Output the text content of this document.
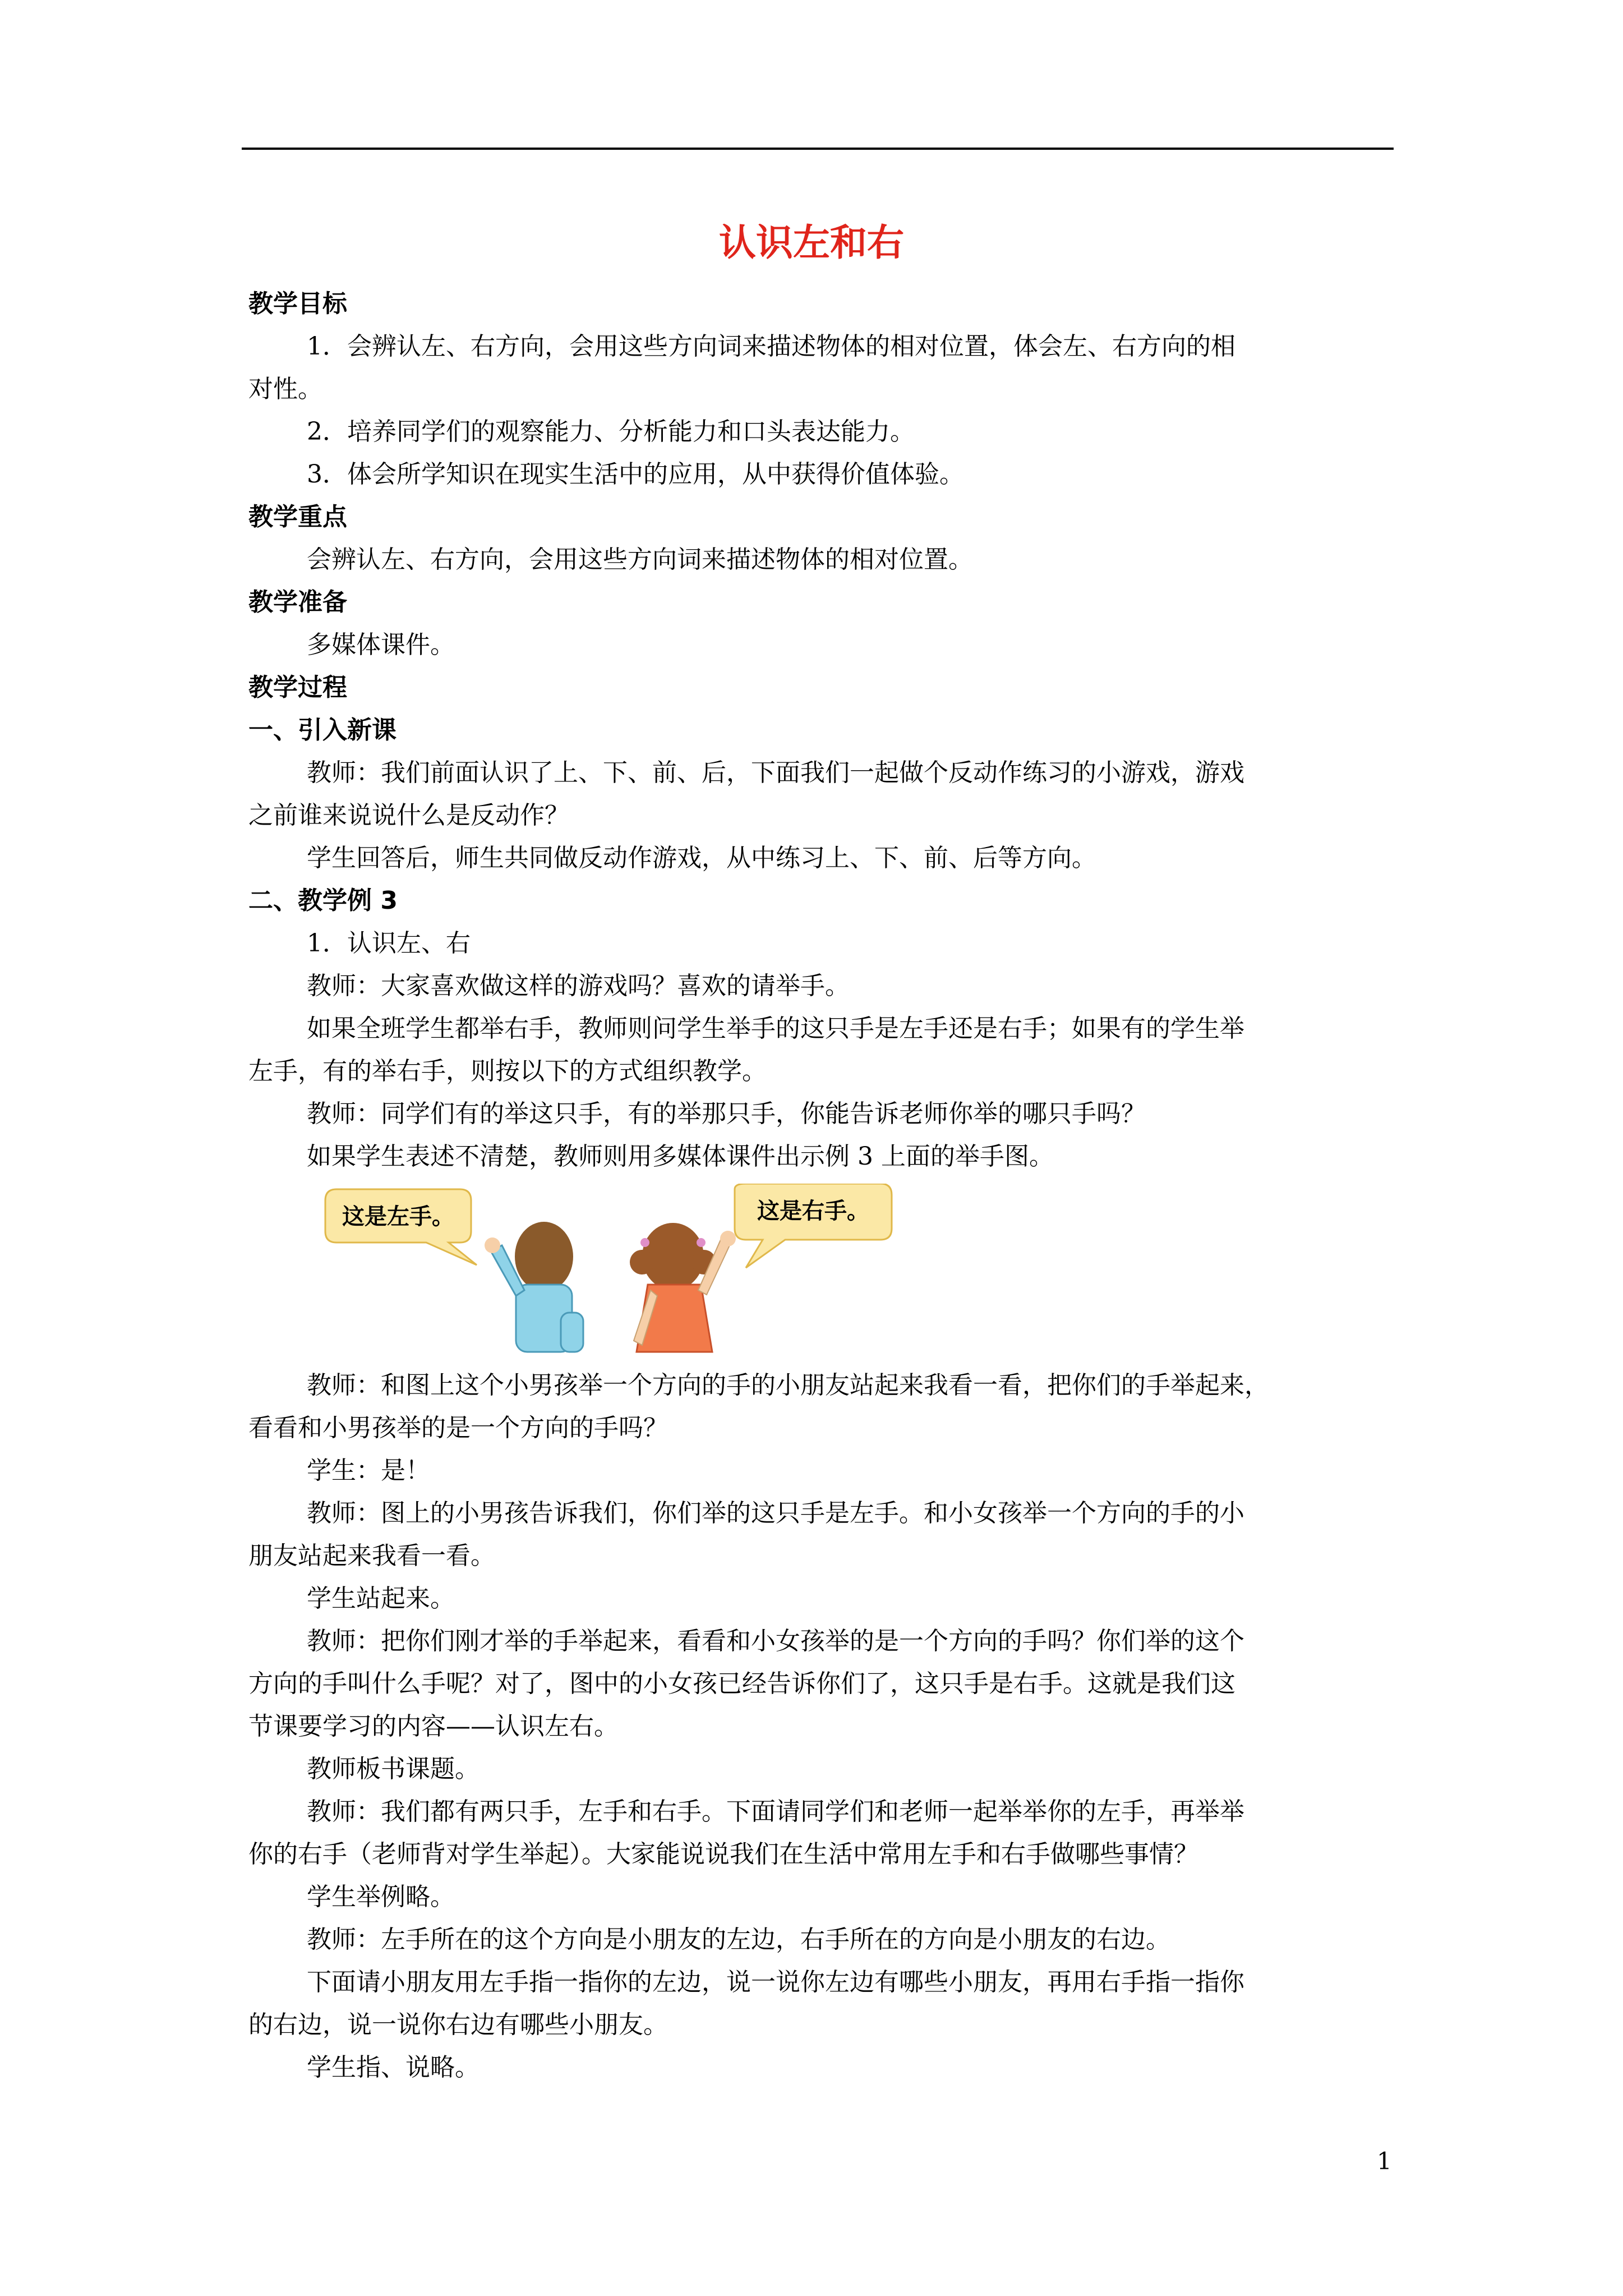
认识左和右
教学目标
1．会辨认左、右方向，会用这些方向词来描述物体的相对位置，体会左、右方向的相
对性。
2．培养同学们的观察能力、分析能力和口头表达能力。
3．体会所学知识在现实生活中的应用，从中获得价值体验。
教学重点
会辨认左、右方向，会用这些方向词来描述物体的相对位置。
教学准备
多媒体课件。
教学过程
一、引入新课
教师：我们前面认识了上、下、前、后，下面我们一起做个反动作练习的小游戏，游戏
之前谁来说说什么是反动作？
学生回答后，师生共同做反动作游戏，从中练习上、下、前、后等方向。
二、教学例 3
1．认识左、右
教师：大家喜欢做这样的游戏吗？喜欢的请举手。
如果全班学生都举右手，教师则问学生举手的这只手是左手还是右手；如果有的学生举
左手，有的举右手，则按以下的方式组织教学。
教师：同学们有的举这只手，有的举那只手，你能告诉老师你举的哪只手吗？
如果学生表述不清楚，教师则用多媒体课件出示例 3 上面的举手图。
这是左手。	这是右手。
教师：和图上这个小男孩举一个方向的手的小朋友站起来我看一看，把你们的手举起来，
看看和小男孩举的是一个方向的手吗？
学生：是！
教师：图上的小男孩告诉我们，你们举的这只手是左手。和小女孩举一个方向的手的小
朋友站起来我看一看。
学生站起来。
教师：把你们刚才举的手举起来，看看和小女孩举的是一个方向的手吗？你们举的这个
方向的手叫什么手呢？对了，图中的小女孩已经告诉你们了，这只手是右手。这就是我们这
节课要学习的内容——认识左右。
教师板书课题。
教师：我们都有两只手，左手和右手。下面请同学们和老师一起举举你的左手，再举举
你的右手（老师背对学生举起）。大家能说说我们在生活中常用左手和右手做哪些事情？
学生举例略。
教师：左手所在的这个方向是小朋友的左边，右手所在的方向是小朋友的右边。
下面请小朋友用左手指一指你的左边，说一说你左边有哪些小朋友，再用右手指一指你
的右边，说一说你右边有哪些小朋友。
学生指、说略。
1
